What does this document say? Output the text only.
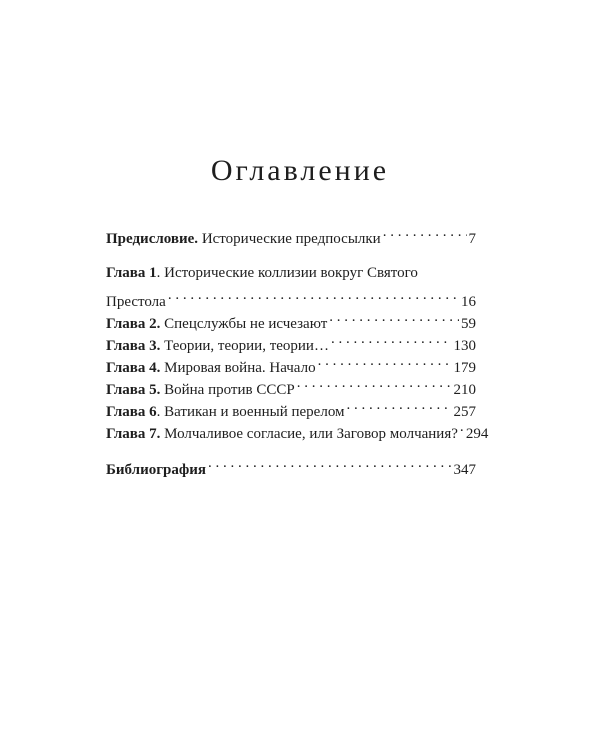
Оглавление
Предисловие. Исторические предпосылки . . .	7
Глава 1. Исторические коллизии вокруг Святого
Престола . . .	16
Глава 2. Спецслужбы не исчезают . . .	59
Глава 3. Теории, теории, теории… . . .	130
Глава 4. Мировая война. Начало . . .	179
Глава 5. Война против СССР . . .	210
Глава 6. Ватикан и военный перелом . . .	257
Глава 7. Молчаливое согласие, или Заговор молчания? . . . 294
Библиография . . .	347
